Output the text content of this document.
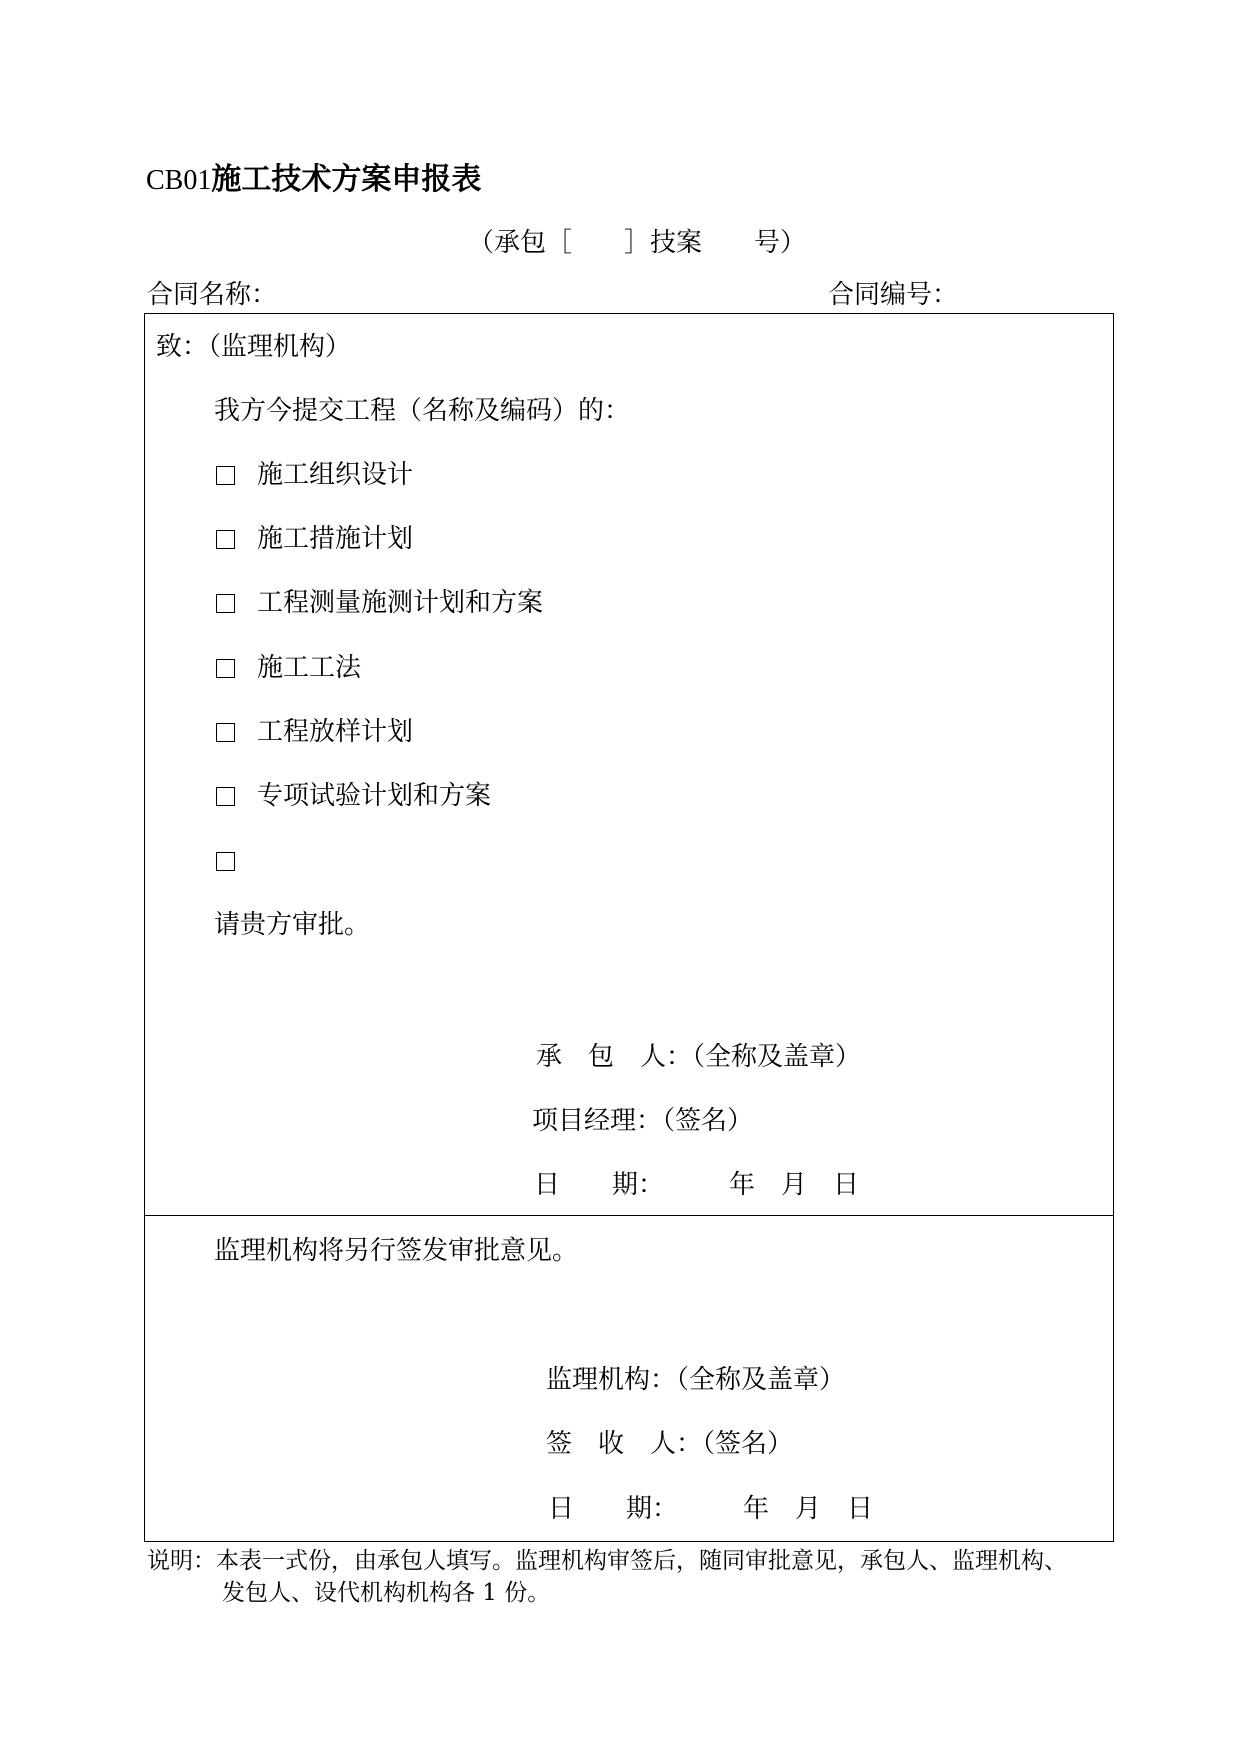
CB01施工技术方案申报表
（承包［　　］技案　　号）
合同名称：	合同编号：
致：（监理机构）
我方今提交工程（名称及编码）的：
施工组织设计
施工措施计划
工程测量施测计划和方案
施工工法
工程放样计划
专项试验计划和方案
请贵方审批。
承　包　人：（全称及盖章）
项目经理：（签名）
日　　期：　　　年　月　日
监理机构将另行签发审批意见。
监理机构：（全称及盖章）
签　收　人：（签名）
日　　期：　　　年　月　日
说明：本表一式份，由承包人填写。监理机构审签后，随同审批意见，承包人、监理机构、
发包人、设代机构机构各 1 份。
